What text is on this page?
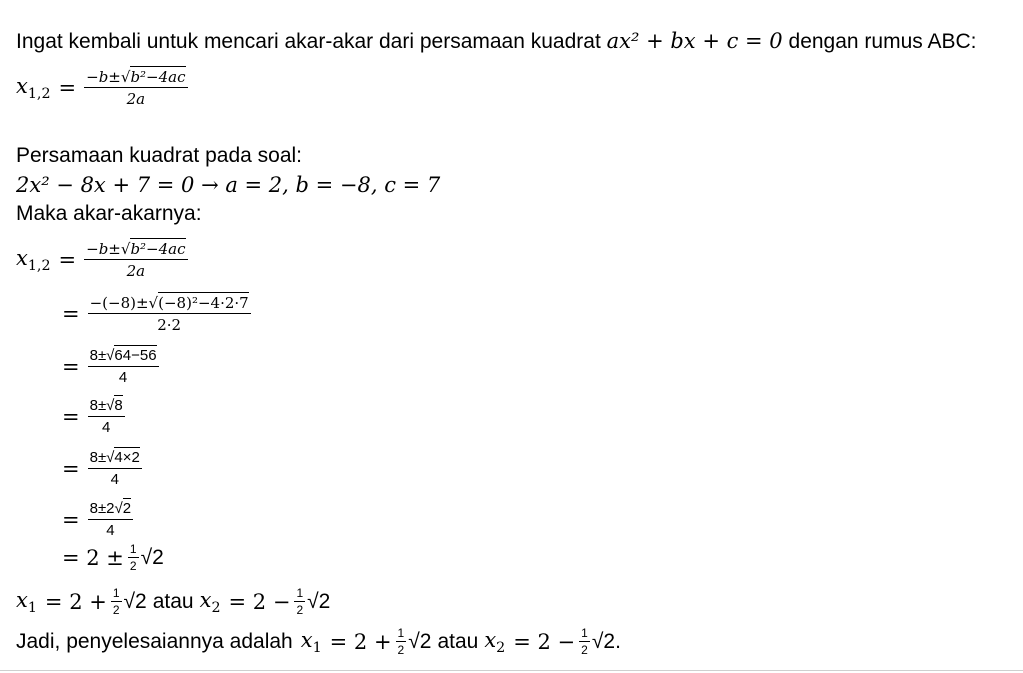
Ingat kembali untuk mencari akar-akar dari persamaan kuadrat ax² + bx + c = 0 dengan rumus ABC:
$x_{1,2} = \frac{\text{−b±√b²−4ac}}{2a}$
Persamaan kuadrat pada soal:
2x² − 8x + 7 = 0 → a = 2, b = −8, c = 7
Maka akar-akarnya:
$x_{1,2} = \frac{\text{−b±√b²−4ac}}{2a}$
= $\frac{\text{−(−8)±√(−8)²−4·2·7}}{2\cdot 2}$
= $\frac{8\pm√64-56}{4}$
= $\frac{8\pm√8}{4}$
= $\frac{8\pm√4\times 2}{4}$
= $\frac{8\pm 2√2}{4}$
= $2 \pm \frac{1}{2} √2$
$x_1 = 2 + \frac{1}{2} √2$ atau $x_2 = 2 - \frac{1}{2} √2$
Jadi, penyelesaiannya adalah $x_1 = 2 + \frac{1}{2} √2$ atau $x_2 = 2 - \frac{1}{2} √2$ .
